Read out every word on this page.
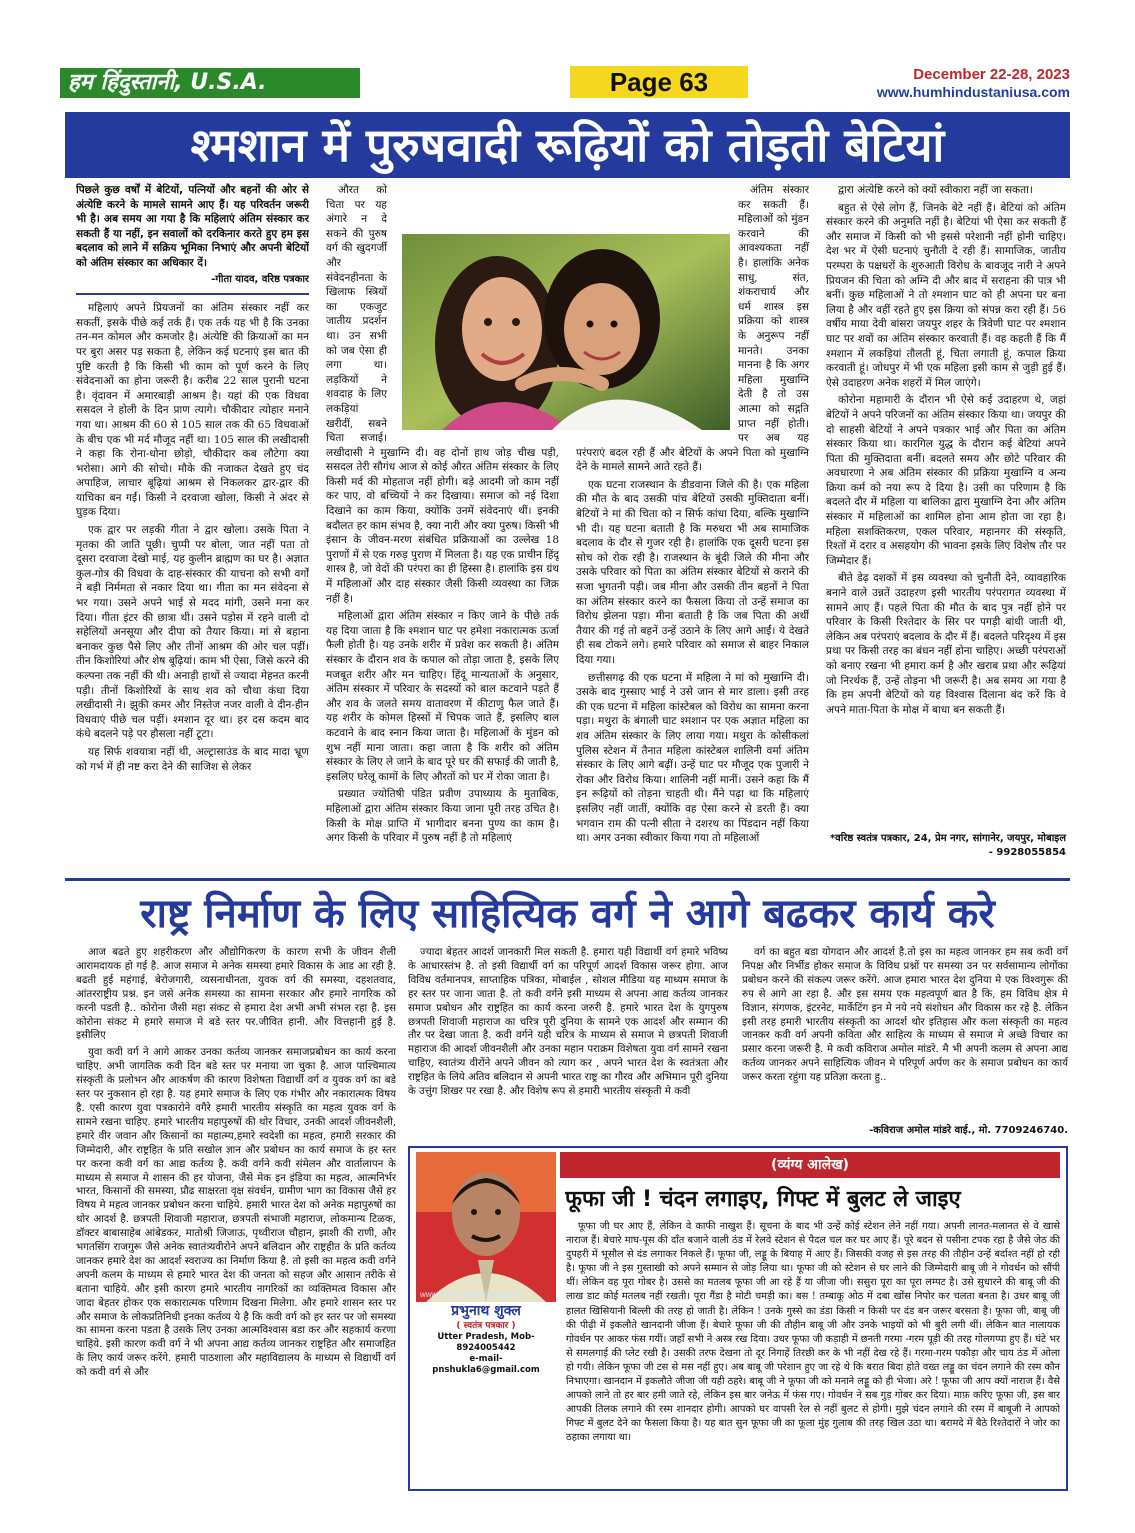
हम हिंदुस्तानी, U.S.A.	Page 63	December 22-28, 2023
www.humhindustaniusa.com
श्मशान में पुरुषवादी रूढ़ियों को तोड़ती बेटियां
पिछले कुछ वर्षों में बेटियों, पत्नियों और बहनों की ओर से अंत्येष्टि करने के मामले सामने आए हैं। यह परिवर्तन जरूरी भी है। अब समय आ गया है कि महिलाएं अंतिम संस्कार कर सकती हैं या नहीं, इन सवालों को दरकिनार करते हुए हम इस बदलाव को लाने में सक्रिय भूमिका निभाएं और अपनी बेटियों को अंतिम संस्कार का अधिकार दें।
-गीता यादव, वरिष्ठ पत्रकार

महिलाएं अपने प्रियजनों का अंतिम संस्कार नहीं कर सकतीं, इसके पीछे कई तर्क हैं। एक तर्क यह भी है कि उनका तन-मन कोमल और कमजोर है। अंत्येष्टि की क्रियाओं का मन पर बुरा असर पड़ सकता है, लेकिन कई घटनाएं इस बात की पुष्टि करती है कि किसी भी काम को पूर्ण करने के लिए संवेदनाओं का होना जरूरी है। करीब 22 साल पुरानी घटना है। वृंदावन में अमारबाड़ी आश्रम है। यहां की एक विधवा ससदल ने होली के दिन प्राण त्यागे। चौकीदार त्योहार मनाने गया था। आश्रम की 60 से 105 साल तक की 65 विधवाओं के बीच एक भी मर्द मौजूद नहीं था। 105 साल की लखीदासी ने कहा कि रोना-धोना छोड़ो, चौकीदार कब लौटेगा क्या भरोसा। आगे की सोचो। मौके की नजाकत देखते हुए चंद अपाहिज, लाचार बूढ़ियां आश्रम से निकलकर द्वार-द्वार की याचिका बन गईं। किसी ने दरवाजा खोला, किसी ने अंदर से घुड़क दिया।

एक द्वार पर लड़की गीता ने द्वार खोला। उसके पिता ने मृतका की जाति पूछी। चुप्पी पर बोला, जात नहीं पता तो दूसरा दरवाजा देखो माई, यह कुलीन ब्राह्मण का घर है। अज्ञात कुल-गोत्र की विधवा के दाह-संस्कार की याचना को सभी वर्गों ने बड़ी निर्ममता से नकार दिया था। गीता का मन संवेदना से भर गया। उसने अपने भाई से मदद मांगी, उसने मना कर दिया। गीता इंटर की छात्रा थी। उसने पड़ोस में रहने वाली दो सहेलियों अनसूया और दीपा को तैयार किया। मां से बहाना बनाकर कुछ पैसे लिए और तीनों आश्रम की ओर चल पड़ीं। तीन किशोरियां और शेष बूढ़ियां। काम भी ऐसा, जिसे करने की कल्पना तक नहीं की थी। अनाड़ी हाथों से ज्यादा मेहनत करनी पड़ी। तीनों किशोरियों के साथ शव को चौथा कंधा दिया लखीदासी ने। झुकी कमर और निस्तेज नजर वाली वे दीन-हीन विधवाएं पीछे चल पड़ीं। श्मशान दूर था। हर दस कदम बाद कंधे बदलने पड़े पर हौसला नहीं टूटा।

यह सिर्फ शवयात्रा नहीं थी, अल्ट्रासाउंड के बाद मादा भ्रूण को गर्भ में ही नष्ट करा देने की साजिश से लेकर

औरत को चिता पर यह अंगारे न दे सकने की पुरुष वर्ग की खुदगर्जी और संवेदनहीनता के खिलाफ स्त्रियों का एकजुट जातीय प्रदर्शन था। उन सभी को जब ऐसा ही लगा था। लड़कियों ने शवदाह के लिए लकड़ियां खरीदीं, सबने चिता सजाई। लखीदासी ने मुखाग्नि दी। वह दोनों हाथ जोड़ चीख पड़ी, ससदल तेरी सौगंध आज से कोई औरत अंतिम संस्कार के लिए किसी मर्द की मोहताज नहीं होगी। बड़े आदमी जो काम नहीं कर पाए, वो बच्चियों ने कर दिखाया। समाज को नई दिशा दिखाने का काम किया, क्योंकि उनमें संवेदनाएं थीं। इनकी बदौलत हर काम संभव है, क्या नारी और क्या पुरुष। किसी भी इंसान के जीवन-मरण संबंधित प्रक्रियाओं का उल्लेख 18 पुराणों में से एक गरुड़ पुराण में मिलता है। यह एक प्राचीन हिंदू शास्त्र है, जो वेदों की परंपरा का ही हिस्सा है। हालांकि इस ग्रंथ में महिलाओं और दाह संस्कार जैसी किसी व्यवस्था का जिक्र नहीं है।

महिलाओं द्वारा अंतिम संस्कार न किए जाने के पीछे तर्क यह दिया जाता है कि श्मशान घाट पर हमेशा नकारात्मक ऊर्जा फैली होती है। यह उनके शरीर में प्रवेश कर सकती है। अंतिम संस्कार के दौरान शव के कपाल को तोड़ा जाता है, इसके लिए मजबूत शरीर और मन चाहिए। हिंदू मान्यताओं के अनुसार, अंतिम संस्कार में परिवार के सदस्यों को बाल कटवाने पड़ते हैं और शव के जलते समय वातावरण में कीटाणु फैल जाते हैं। यह शरीर के कोमल हिस्सों में चिपक जाते हैं, इसलिए बाल कटवाने के बाद स्नान किया जाता है। महिलाओं के मुंडन को शुभ नहीं माना जाता। कहा जाता है कि शरीर को अंतिम संस्कार के लिए ले जाने के बाद पूरे घर की सफाई की जाती है, इसलिए घरेलू कामों के लिए औरतों को घर में रोका जाता है।

प्रख्यात ज्योतिषी पंडित प्रवीण उपाध्याय के मुताबिक, महिलाओं द्वारा अंतिम संस्कार किया जाना पूरी तरह उचित है। किसी के मोक्ष प्राप्ति में भागीदार बनना पुण्य का काम है। अगर किसी के परिवार में पुरुष नहीं है तो महिलाएं

अंतिम संस्कार कर सकती हैं। महिलाओं को मुंडन करवाने की आवश्यकता नहीं है। हालांकि अनेक साधु, संत, शंकराचार्य और धर्म शास्त्र इस प्रक्रिया को शास्त्र के अनुरूप नहीं मानते। उनका मानना है कि अगर महिला मुखाग्नि देती है तो उस आत्मा को सद्गति प्राप्त नहीं होती। पर अब यह परंपराएं बदल रही हैं और बेटियों के अपने पिता को मुखाग्नि देने के मामले सामने आते रहते हैं।

एक घटना राजस्थान के डीडवाना जिले की है। एक महिला की मौत के बाद उसकी पांच बेटियों उसकी मुक्तिदाता बनीं। बेटियों ने मां की चिता को न सिर्फ कांधा दिया, बल्कि मुखाग्नि भी दी। यह घटना बताती है कि मरुधरा भी अब सामाजिक बदलाव के दौर से गुजर रही है। हालांकि एक दूसरी घटना इस सोच को रोक रही है। राजस्थान के बूंदी जिले की मीना और उसके परिवार को पिता का अंतिम संस्कार बेटियों से कराने की सजा भुगतनी पड़ी। जब मीना और उसकी तीन बहनों ने पिता का अंतिम संस्कार करने का फैसला किया तो उन्हें समाज का विरोध झेलना पड़ा। मीना बताती है कि जब पिता की अर्थी तैयार की गई तो बहनें उन्हें उठाने के लिए आगे आईं। ये देखते ही सब टोकने लगे। हमारे परिवार को समाज से बाहर निकाल दिया गया।

छत्तीसगढ़ की एक घटना में महिला ने मां को मुखाग्नि दी। उसके बाद गुस्साए भाई ने उसे जान से मार डाला। इसी तरह की एक घटना में महिला कांस्टेबल को विरोध का सामना करना पड़ा। मथुरा के बंगाली घाट श्मशान पर एक अज्ञात महिला का शव अंतिम संस्कार के लिए लाया गया। मथुरा के कोसीकलां पुलिस स्टेशन में तैनात महिला कांस्टेबल शालिनी वर्मा अंतिम संस्कार के लिए आगे बढ़ीं। उन्हें घाट पर मौजूद एक पुजारी ने रोका और विरोध किया। शालिनी नहीं मानीं। उसने कहा कि मैं इन रूढ़ियों को तोड़ना चाहती थी। मैंने पढ़ा था कि महिलाएं इसलिए नहीं जातीं, क्योंकि वह ऐसा करने से डरती हैं। क्या भगवान राम की पत्नी सीता ने दशरथ का पिंडदान नहीं किया था। अगर उनका स्वीकार किया गया तो महिलाओं

द्वारा अंत्येष्टि करने को क्यों स्वीकारा नहीं जा सकता।

बहुत से ऐसे लोग हैं, जिनके बेटे नहीं हैं। बेटियां को अंतिम संस्कार करने की अनुमति नहीं है। बेटियां भी ऐसा कर सकती हैं और समाज में किसी को भी इससे परेशानी नहीं होनी चाहिए। देश भर में ऐसी घटनाएं चुनौती दे रही हैं। सामाजिक, जातीय परम्परा के पक्षधरों के शुरुआती विरोध के बावजूद नारी ने अपने प्रियजन की चिता को अग्नि दी और बाद में सराहना की पात्र भी बनीं। कुछ महिलाओं ने तो श्मशान घाट को ही अपना घर बना लिया है और वहीं रहते हुए इस क्रिया को संपन्न करा रही हैं। 56 वर्षीय माया देवी बांसरा जयपुर शहर के त्रिवेणी घाट पर श्मशान घाट पर शवों का अंतिम संस्कार करवाती हैं। वह कहती हैं कि मैं श्मशान में लकड़ियां तौलती हूं, चिता लगाती हूं, कपाल क्रिया करवाती हूं। जोधपुर में भी एक महिला इसी काम से जुड़ी हुई हैं। ऐसे उदाहरण अनेक शहरों में मिल जाएंगे।

कोरोना महामारी के दौरान भी ऐसे कई उदाहरण थे, जहां बेटियों ने अपने परिजनों का अंतिम संस्कार किया था। जयपुर की दो साहसी बेटियों ने अपने पत्रकार भाई और पिता का अंतिम संस्कार किया था। कारगिल युद्ध के दौरान कई बेटियां अपने पिता की मुक्तिदाता बनीं। बदलते समय और छोटे परिवार की अवधारणा ने अब अंतिम संस्कार की प्रक्रिया मुखाग्नि व अन्य क्रिया कर्म को नया रूप दे दिया है। उसी का परिणाम है कि बदलते दौर में महिला या बालिका द्वारा मुखाग्नि देना और अंतिम संस्कार में महिलाओं का शामिल होना आम होता जा रहा है। महिला सशक्तिकरण, एकल परिवार, महानगर की संस्कृति, रिश्तों में दरार व असहयोग की भावना इसके लिए विशेष तौर पर जिम्मेदार हैं।

बीते डेढ़ दशकों में इस व्यवस्था को चुनौती देने, व्यावहारिक बनाने वाले उन्नतें उदाहरण इसी भारतीय परंपरागत व्यवस्था में सामने आए हैं। पहले पिता की मौत के बाद पुत्र नहीं होने पर परिवार के किसी रिश्तेदार के सिर पर पगड़ी बांधी जाती थी, लेकिन अब परंपराएं बदलाव के दौर में हैं। बदलते परिदृश्य में इस प्रथा पर किसी तरह का बंधन नहीं होना चाहिए। अच्छी परंपराओं को बनाए रखना भी हमारा कर्म है और खराब प्रथा और रूढ़ियां जो निरर्थक हैं, उन्हें तोड़ना भी जरूरी है। अब समय आ गया है कि हम अपनी बेटियों को यह विश्वास दिलाना बंद करें कि वे अपने माता-पिता के मोक्ष में बाधा बन सकती हैं।

*वरिष्ठ स्वतंत्र पत्रकार, 24, प्रेम नगर, सांगानेर, जयपुर, मोबाइल - 9928055854
राष्ट्र निर्माण के लिए साहित्यिक वर्ग ने आगे बढकर कार्य करे

आज बढते हुए शहरीकरण और औद्योगिकरण के कारण सभी के जीवन शैली आरामदायक हो गई है. आज समाज मे अनेक समस्या हमारे विकास के आड आ रही है. बढती हुई महंगाई, बेरोजगारी, व्यसनाधीनता, युवक वर्ग की समस्या, दहशतवाद, आंतरराष्ट्रीय प्रश्न. इन जसे अनेक समस्या का सामना सरकार और हमारे नागरिक को करनी पडती है.. कोरोना जैसी महा संकट से हमारा देश अभी अभी संभल रहा है. इस कोरोना संकट मे हमारे समाज मे बडे स्तर पर.जीवित हानी. और वित्तहानी हुई है. इसीलिए

युवा कवी वर्ग ने आगे आकर उनका कर्तव्य जानकर समाजप्रबोधन का कार्य करना चाहिए. अभी जागतिक कवी दिन बडे स्तर पर मनाया जा चुका है. आज पाश्चिमात्य संस्कृती के प्रलोभन और आकर्षण की कारण विशेषता विद्यार्थी वर्ग व युवक वर्ग का बडे स्तर पर नुकसान हो रहा है. यह हमारे समाज के लिए एक गंभीर और नकारात्मक विषय है. एसी कारण युवा पत्रकारोने वगैरे हमारी भारतीय संस्कृति का महत्व युवक वर्ग के सामने रखना चाहिए. हमारे भारतीय महापुरुषों की थोर विचार, उनकी आदर्श जीवनशैली, हमारे वीर जवान और किसानों का महात्म्य,हमारे स्वदेशी का महत्व, हमारी सरकार की जिम्मेदारी, और राष्ट्रहित के प्रति सखोल ज्ञान और प्रबोधन का कार्य समाज के हर स्तर पर करना कवी वर्ग का आद्य कर्तव्य है. कवी वर्गने कवी संमेलन और वार्तालापन के माध्यम से समाज मे शासन की हर योजना, जैसे मेक इन इंडिया का महत्व, आत्मनिर्भर भारत, किसानों की समस्या, प्रौढ साक्षरता वृक्ष संवर्धन, ग्रामीण भाग का विकास जैसे हर विषय मे महत्व जानकर प्रबोधन करना चाहिये. हमारी भारत देश को अनेक महापुरुषों का थोर आदर्श है. छत्रपती शिवाजी महाराज, छत्रपती संभाजी महाराज, लोकमान्य टिळक, डॉक्टर बाबासाहेब आंबेडकर, मातोश्री जिजाऊ, पृथ्वीराज चौहान, झाशी की राणी, और भगतसिंग राजगुरू जैसे अनेक स्वातंत्र्यवीरोने अपने बलिदान और राष्ट्रहीत के प्रति कर्तव्य जानकर हमारे देश का आदर्श स्वराज्य का निर्माण किया है. तो इसी का महत्व कवी वर्गने अपनी कलम के माध्यम से हमारे भारत देश की जनता को सहज और आसान तरीके से बताना चाहिये. और इसी कारण हमारे भारतीय नागरिकों का व्यक्तिमत्व विकास और जादा बेहतर होकर एक सकारात्मक परिणाम दिखना मिलेगा. और हमारे शासन स्तर पर और समाज के लोकप्रतिनिधी इनका कर्तव्य ये है कि कवी वर्ग को हर स्तर पर जो समस्या का सामना करना पडता है उसके लिए उनका आत्मविश्वास बडा कर और सहकार्य करणा चाहिये. इसी कारण कवी वर्ग ने भी अपना आद्य कर्तव्य जानकर राष्ट्रहित और समाजहित के लिए कार्य जरूर करेंगे. हमारी पाठशाला और महाविद्यालय के माध्यम से विद्यार्थी वर्ग को कवी वर्ग से और

ज्यादा बेहतर आदर्श जानकारी मिल सकती है. हमारा यही विद्यार्थी वर्ग हमारे भविष्य के आधारस्तंभ है. तो इसी विद्यार्थी वर्ग का परिपूर्ण आदर्श विकास जरूर होगा. आज विविध वर्तमानपत्र, साप्ताहिक पत्रिका, मोबाईल , सोशल मीडिया यह माध्यम समाज के हर स्तर पर जाना जाता है. तो कवी वर्गने इसी माध्यम से अपना आद्य कर्तव्य जानकर समाज प्रबोधन और राष्ट्रहित का कार्य करना जरुरी है. हमारे भारत देश के युगपुरुष छत्रपती शिवाजी महाराज का चरित्र पूरी दुनिया के सामने एक आदर्श और सम्मान की तौर पर देखा जाता है. कवी वर्गने यही चरित्र के माध्यम से समाज मे छत्रपती शिवाजी महाराज की आदर्श जीवनशैली और उनका महान पराक्रम विशेषता युवा वर्ग सामने रखना चाहिए, स्वातंत्र्य वीरोंने अपने जीवन को त्याग कर , अपने भारत देश के स्वतंत्रता और राष्ट्रहित के लिये अतिव बलिदान से अपनी भारत राष्ट्र का गौरव और अभिमान पूरी दुनिया के उत्तुंग शिखर पर रखा है. और विशेष रूप से हमारी भारतीय संस्कृती मे कवी

वर्ग का बहुत बडा योगदान और आदर्श है.तो इस का महत्व जानकर हम सब कवी वर्ग निपक्ष और निर्भीड होकर समाज के विविध प्रश्नों पर समस्या उन पर सर्वसामान्य लोगोंका प्रबोधन करने की संकल्प जरूर करेंगे. आज हमारा भारत देश दुनिया मे एक विश्वगुरू की रुप से आगे आ रहा है. और इस समय एक महत्वपूर्ण बात है कि, हम विविध क्षेत्र मे विज्ञान, संगणक, इंटरनेट, मार्केटिंग इन मे नये नये संशोधन और विकास कर रहे है. लेकिन इसी तरह हमारी भारतीय संस्कृती का आदर्श थोर इतिहास और कला संस्कृती का महत्व जानकर कवी वर्ग अपनी कविता और साहित्य के माध्यम से समाज मे अच्छे विचार का प्रसार करना जरूरी है. मे कवी कविराज अमोल मांडरे. मै भी अपनी कलम से अपना आद्य कर्तव्य जानकर अपने साहित्यिक जीवन मे परिपूर्ण अर्पण कर के समाज प्रबोधन का कार्य जरूर करता रहुंगा यह प्रतिज्ञा करता हु..

-कविराज अमोल मांडरे वाई., मो. 7709246740.
www.humhindustaniusa.com
प्रभुनाथ शुक्ल
( स्वतंत्र पत्रकार )
Utter Pradesh, Mob-8924005442
e-mail- pnshukla6@gmail.com
(व्यंग्य आलेख)
फूफा जी ! चंदन लगाइए, गिफ्ट में बुलट ले जाइए

फूफा जी घर आए हैं, लेकिन वे काफी नाखुश हैं। सूचना के बाद भी उन्हें कोई स्टेशन लेने नहीं गया। अपनी लानत-मलानत से वे खासे नाराज हैं। बेचारे माघ-पूस की दाँत बजाने वाली ठंड में रेलवे स्टेशन से पैदल चल कर घर आए हैं। पूरे बदन से पसीना टपक रहा है जैसे जेठ की दुपहरी में भूसौल से दंड लगाकर निकले हैं। फूफा जी, लड्डू के बियाह में आए हैं। जिसकी वजह से इस तरह की तौहीन उन्हें बर्दाश्त नहीं हो रही है। फूफा जी ने इस गुस्ताखी को अपने सम्मान से जोड़ लिया था। फूफा जी को स्टेशन से घर लाने की जिम्मेदारी बाबू जी ने गोवर्धन को सौंपी थीं। लेकिन वह पूरा गोबर है। उससे का मतलब फूफा जी आ रहे हैं या जीजा जी। ससुरा पूरा का पूरा लम्पट है। उसे सुधारने की बाबू जी की लाख डाट कोई मतलब नहीं रखती। पूरा गैंडा है मोटी चमड़ी का। बस ! तम्बाकू ओठ में दबा खोंस निपोर कर चलता बनता है। उधर बाबू जी हालत खिसियानी बिल्ली की तरह हो जाती है। लेकिन ! उनके गुस्से का डंडा किसी न किसी पर दंड बन जरूर बरसता है। फूफा जी, बाबू जी की पीढ़ी में इकलौते खानदानी जीजा हैं। बेचारे फूफा जी की तौहीन बाबू जी और उनके भाइयों को भी बुरी लगी थीं। लेकिन बात नालायक गोवर्धन पर आकर फंस गयीं। जहाँ सभी ने अस्त्र रख दिया। उधर फूफा जी कड़ाही में छनती गरमा -गरम पूड़ी की तरह गोलगप्पा हुए हैं। घंटे भर से समलगाई की प्लेट रखी है। उसकी तरफ देखना तो दूर निगाहें तिरछी कर के भी नहीं देख रहे हैं। गरमा-गरम पकौड़ा और चाय ठंड में ओला हो गयी। लेकिन फूफा जी टस से मस नहीं हुए। अब बाबू जी परेशान हुए जा रहे थे कि बरात बिदा होते वख्त लड्डू का चंदन लगाने की रस्म कौन निभाएगा। खानदान में इकलौते जीजा जी यही ठहरे। बाबू जी ने फूफा जी को मनाने लड्डू को ही भेजा। अरे ! फूफा जी आप क्यों नाराज हैं। वैसे आपको लाने तो हर बार हमी जाते रहे, लेकिन इस बार जनेऊ में फंस गए। गोवर्धन ने सब गुड़ गोबर कर दिया। माफ़ करिए फूफा जी, इस बार आपकी तिलक लगाने की रस्म शानदार होगी। आपको घर वापसी रेल से नहीं बुलट से होगी। मुझे चंदन लगाने की रस्म में बाबूजी ने आपको गिफ्ट में बुलट देने का फैसला किया है। यह बात सुन फूफा जी का फूला मुंह गुलाब की तरह खिल उठा था। बरामदे में बैठे रिश्तेदारों ने जोर का ठहाका लगाया था।
